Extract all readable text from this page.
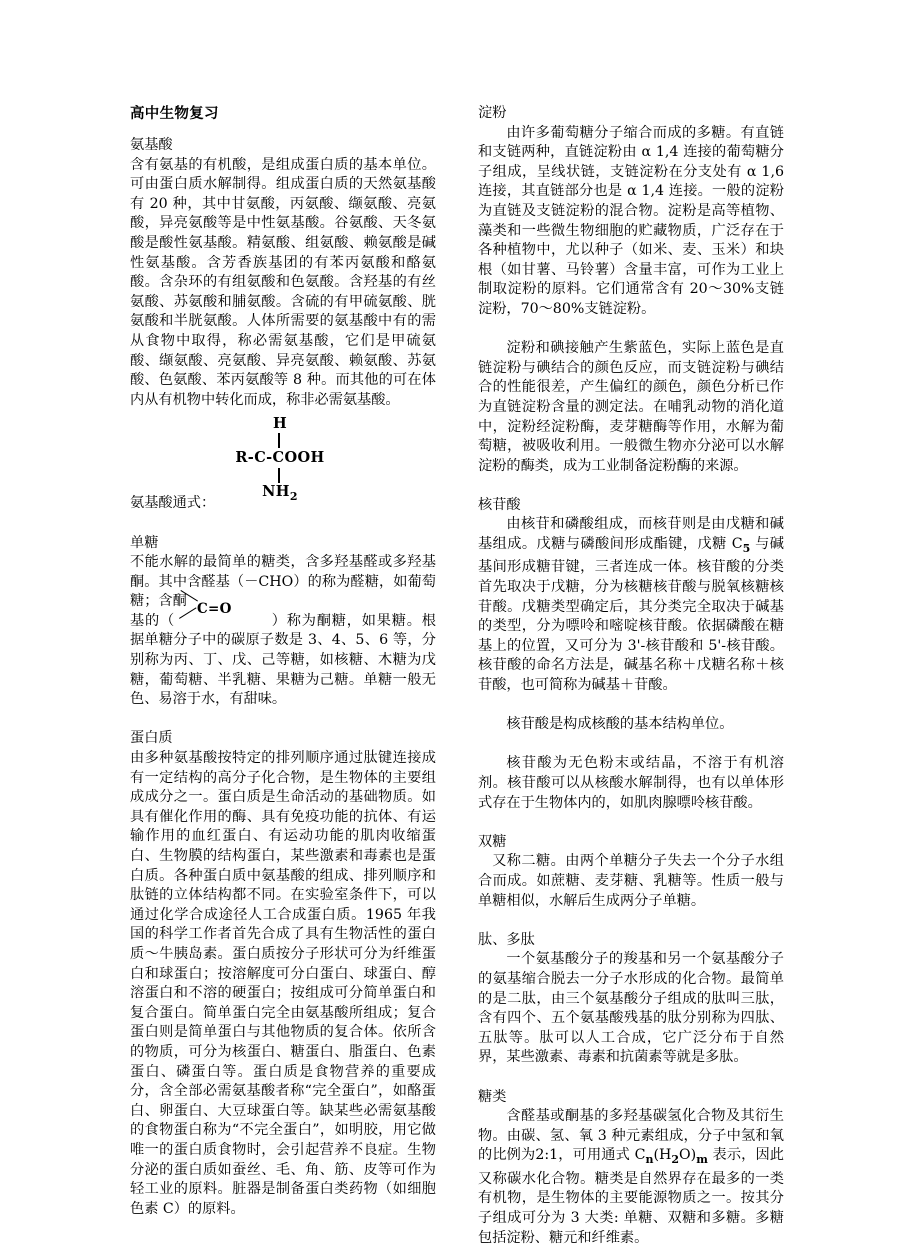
高中生物复习
氨基酸
含有氨基的有机酸，是组成蛋白质的基本单位。可由蛋白质水解制得。组成蛋白质的天然氨基酸有 20 种，其中甘氨酸，丙氨酸、缬氨酸、亮氨酸，异亮氨酸等是中性氨基酸。谷氨酸、天冬氨酸是酸性氨基酸。精氨酸、组氨酸、赖氨酸是碱性氨基酸。含芳香族基团的有苯丙氨酸和酪氨酸。含杂环的有组氨酸和色氨酸。含羟基的有丝氨酸、苏氨酸和脯氨酸。含硫的有甲硫氨酸、胱氨酸和半胱氨酸。人体所需要的氨基酸中有的需从食物中取得，称必需氨基酸，它们是甲硫氨酸、缬氨酸、亮氨酸、异亮氨酸、赖氨酸、苏氨酸、色氨酸、苯丙氨酸等 8 种。而其他的可在体内从有机物中转化而成，称非必需氨基酸。
H
R-C-COOH
$NH_2$
氨基酸通式：
单糖
不能水解的最简单的糖类，含多羟基醛或多羟基酮。其中含醛基（－CHO）的称为醛糖，如葡萄糖；含酮
基的（
C=O
）称为酮糖，如果糖。根据单糖分子中的碳原子数是 3、4、5、6 等，分别称为丙、丁、戊、己等糖，如核糖、木糖为戊糖，葡萄糖、半乳糖、果糖为己糖。单糖一般无色、易溶于水，有甜味。
蛋白质
由多种氨基酸按特定的排列顺序通过肽键连接成有一定结构的高分子化合物，是生物体的主要组成成分之一。蛋白质是生命活动的基础物质。如具有催化作用的酶、具有免疫功能的抗体、有运输作用的血红蛋白、有运动功能的肌肉收缩蛋白、生物膜的结构蛋白，某些激素和毒素也是蛋白质。各种蛋白质中氨基酸的组成、排列顺序和肽链的立体结构都不同。在实验室条件下，可以通过化学合成途径人工合成蛋白质。1965 年我国的科学工作者首先合成了具有生物活性的蛋白质～牛胰岛素。蛋白质按分子形状可分为纤维蛋白和球蛋白；按溶解度可分白蛋白、球蛋白、醇溶蛋白和不溶的硬蛋白；按组成可分简单蛋白和复合蛋白。简单蛋白完全由氨基酸所组成；复合蛋白则是简单蛋白与其他物质的复合体。依所含的物质，可分为核蛋白、糖蛋白、脂蛋白、色素蛋白、磷蛋白等。蛋白质是食物营养的重要成分，含全部必需氨基酸者称“完全蛋白”，如酪蛋白、卵蛋白、大豆球蛋白等。缺某些必需氨基酸的食物蛋白称为“不完全蛋白”，如明胶，用它做唯一的蛋白质食物时，会引起营养不良症。生物分泌的蛋白质如蚕丝、毛、角、筋、皮等可作为轻工业的原料。脏器是制备蛋白类药物（如细胞色素 C）的原料。
淀粉
由许多葡萄糖分子缩合而成的多糖。有直链和支链两种，直链淀粉由 α 1,4 连接的葡萄糖分子组成，呈线状链，支链淀粉在分支处有 α 1,6 连接，其直链部分也是 α 1,4 连接。一般的淀粉为直链及支链淀粉的混合物。淀粉是高等植物、藻类和一些微生物细胞的贮藏物质，广泛存在于各种植物中，尤以种子（如米、麦、玉米）和块根（如甘薯、马铃薯）含量丰富，可作为工业上制取淀粉的原料。它们通常含有 20～30%支链淀粉，70～80%支链淀粉。
淀粉和碘接触产生紫蓝色，实际上蓝色是直链淀粉与碘结合的颜色反应，而支链淀粉与碘结合的性能很差，产生偏红的颜色，颜色分析已作为直链淀粉含量的测定法。在哺乳动物的消化道中，淀粉经淀粉酶，麦芽糖酶等作用，水解为葡萄糖，被吸收利用。一般微生物亦分泌可以水解淀粉的酶类，成为工业制备淀粉酶的来源。
核苷酸
由核苷和磷酸组成，而核苷则是由戊糖和碱基组成。戊糖与磷酸间形成酯键，戊糖 $C_5$ 与碱基间形成糖苷键，三者连成一体。核苷酸的分类首先取决于戊糖，分为核糖核苷酸与脱氧核糖核苷酸。戊糖类型确定后，其分类完全取决于碱基的类型，分为嘌呤和嘧啶核苷酸。依据磷酸在糖基上的位置，又可分为 3'-核苷酸和 5'-核苷酸。核苷酸的命名方法是，碱基名称＋戊糖名称＋核苷酸，也可简称为碱基＋苷酸。
核苷酸是构成核酸的基本结构单位。
核苷酸为无色粉末或结晶，不溶于有机溶剂。核苷酸可以从核酸水解制得，也有以单体形式存在于生物体内的，如肌肉腺嘌呤核苷酸。
双糖
又称二糖。由两个单糖分子失去一个分子水组合而成。如蔗糖、麦芽糖、乳糖等。性质一般与单糖相似，水解后生成两分子单糖。
肽、多肽
一个氨基酸分子的羧基和另一个氨基酸分子的氨基缩合脱去一分子水形成的化合物。最简单的是二肽，由三个氨基酸分子组成的肽叫三肽，含有四个、五个氨基酸残基的肽分别称为四肽、五肽等。肽可以人工合成，它广泛分布于自然界，某些激素、毒素和抗菌素等就是多肽。
糖类
含醛基或酮基的多羟基碳氢化合物及其衍生物。由碳、氢、氧 3 种元素组成，分子中氢和氧的比例为2:1，可用通式 $C_n(H_2O)_m$ 表示，因此又称碳水化合物。糖类是自然界存在最多的一类有机物，是生物体的主要能源物质之一。按其分子组成可分为 3 大类: 单糖、双糖和多糖。多糖包括淀粉、糖元和纤维素。
